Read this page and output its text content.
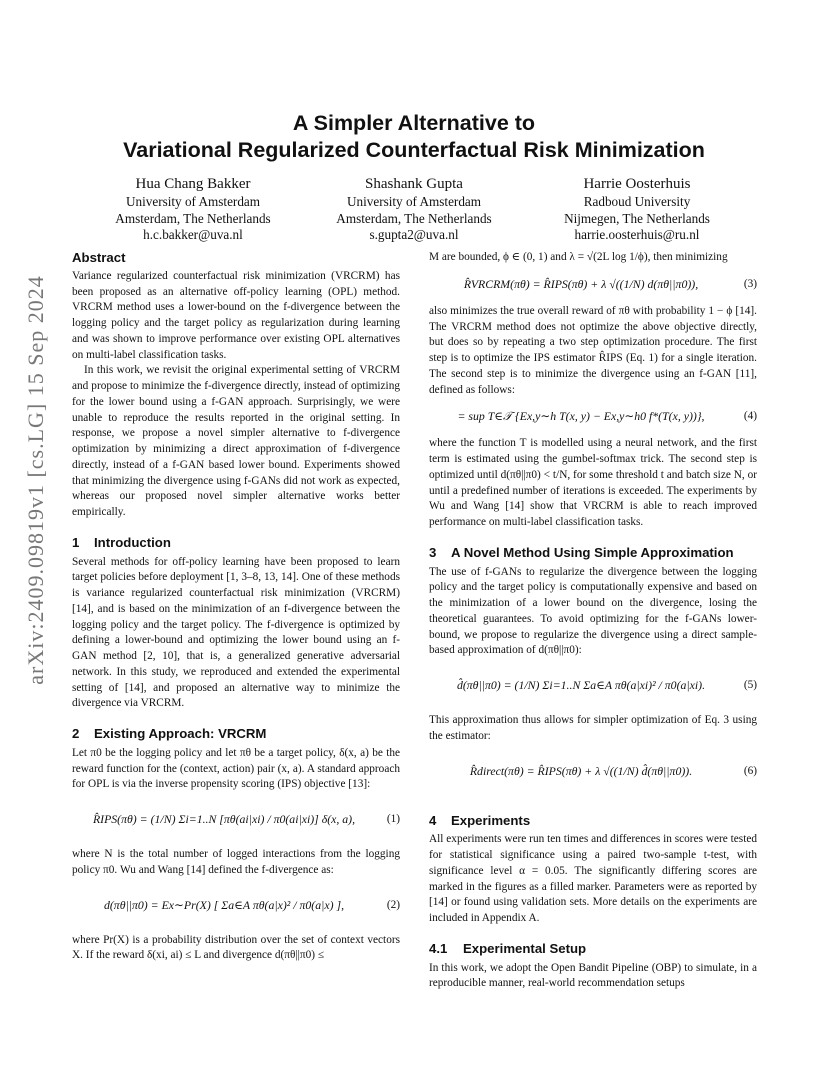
arXiv:2409.09819v1 [cs.LG] 15 Sep 2024
A Simpler Alternative to
Variational Regularized Counterfactual Risk Minimization
Hua Chang Bakker
University of Amsterdam
Amsterdam, The Netherlands
h.c.bakker@uva.nl
Shashank Gupta
University of Amsterdam
Amsterdam, The Netherlands
s.gupta2@uva.nl
Harrie Oosterhuis
Radboud University
Nijmegen, The Netherlands
harrie.oosterhuis@ru.nl
Abstract

Variance regularized counterfactual risk minimization (VRCRM) has been proposed as an alternative off-policy learning (OPL) method. VRCRM method uses a lower-bound on the f-divergence between the logging policy and the target policy as regularization during learning and was shown to improve performance over existing OPL alternatives on multi-label classification tasks.

In this work, we revisit the original experimental setting of VRCRM and propose to minimize the f-divergence directly, instead of optimizing for the lower bound using a f-GAN approach. Surprisingly, we were unable to reproduce the results reported in the original setting. In response, we propose a novel simpler alternative to f-divergence optimization by minimizing a direct approximation of f-divergence directly, instead of a f-GAN based lower bound. Experiments showed that minimizing the divergence using f-GANs did not work as expected, whereas our proposed novel simpler alternative works better empirically.

1 Introduction

Several methods for off-policy learning have been proposed to learn target policies before deployment [1, 3–8, 13, 14]. One of these methods is variance regularized counterfactual risk minimization (VRCRM) [14], and is based on the minimization of an f-divergence between the logging policy and the target policy. The f-divergence is optimized by defining a lower-bound and optimizing the lower bound using an f-GAN method [2, 10], that is, a generalized generative adversarial network. In this study, we reproduced and extended the experimental setting of [14], and proposed an alternative way to minimize the divergence via VRCRM.

2 Existing Approach: VRCRM

Let π0 be the logging policy and let πθ be a target policy, δ(x, a) be the reward function for the (context, action) pair (x, a). A standard approach for OPL is via the inverse propensity scoring (IPS) objective [13]:

R̂IPS(πθ) = (1/N) Σi=1..N [πθ(ai|xi) / π0(ai|xi)] δ(x, a),	(1)

where N is the total number of logged interactions from the logging policy π0. Wu and Wang [14] defined the f-divergence as:

d(πθ||π0) = Ex∼Pr(X) [ Σa∈A πθ(a|x)² / π0(a|x) ],	(2)

where Pr(X) is a probability distribution over the set of context vectors X. If the reward δ(xi, ai) ≤ L and divergence d(πθ||π0) ≤

M are bounded, ϕ ∈ (0, 1) and λ = √(2L log 1/ϕ), then minimizing

R̂VRCRM(πθ) = R̂IPS(πθ) + λ √((1/N) d(πθ||π0)),	(3)

also minimizes the true overall reward of πθ with probability 1 − ϕ [14]. The VRCRM method does not optimize the above objective directly, but does so by repeating a two step optimization procedure. The first step is to optimize the IPS estimator R̂IPS (Eq. 1) for a single iteration. The second step is to minimize the divergence using an f-GAN [11], defined as follows:

= sup T∈𝒯 {Ex,y∼h T(x, y) − Ex,y∼h0 f*(T(x, y))},	(4)

where the function T is modelled using a neural network, and the first term is estimated using the gumbel-softmax trick. The second step is optimized until d(πθ||π0) < t/N, for some threshold t and batch size N, or until a predefined number of iterations is exceeded. The experiments by Wu and Wang [14] show that VRCRM is able to reach improved performance on multi-label classification tasks.

3 A Novel Method Using Simple Approximation

The use of f-GANs to regularize the divergence between the logging policy and the target policy is computationally expensive and based on the minimization of a lower bound on the divergence, losing the theoretical guarantees. To avoid optimizing for the f-GANs lower-bound, we propose to regularize the divergence using a direct sample-based approximation of d(πθ||π0):

d̂(πθ||π0) = (1/N) Σi=1..N Σa∈A πθ(a|xi)² / π0(a|xi).	(5)

This approximation thus allows for simpler optimization of Eq. 3 using the estimator:

R̂direct(πθ) = R̂IPS(πθ) + λ √((1/N) d̂(πθ||π0)).	(6)
4 Experiments

All experiments were run ten times and differences in scores were tested for statistical significance using a paired two-sample t-test, with significance level α = 0.05. The significantly differing scores are marked in the figures as a filled marker. Parameters were as reported by [14] or found using validation sets. More details on the experiments are included in Appendix A.

4.1 Experimental Setup

In this work, we adopt the Open Bandit Pipeline (OBP) to simulate, in a reproducible manner, real-world recommendation setups
